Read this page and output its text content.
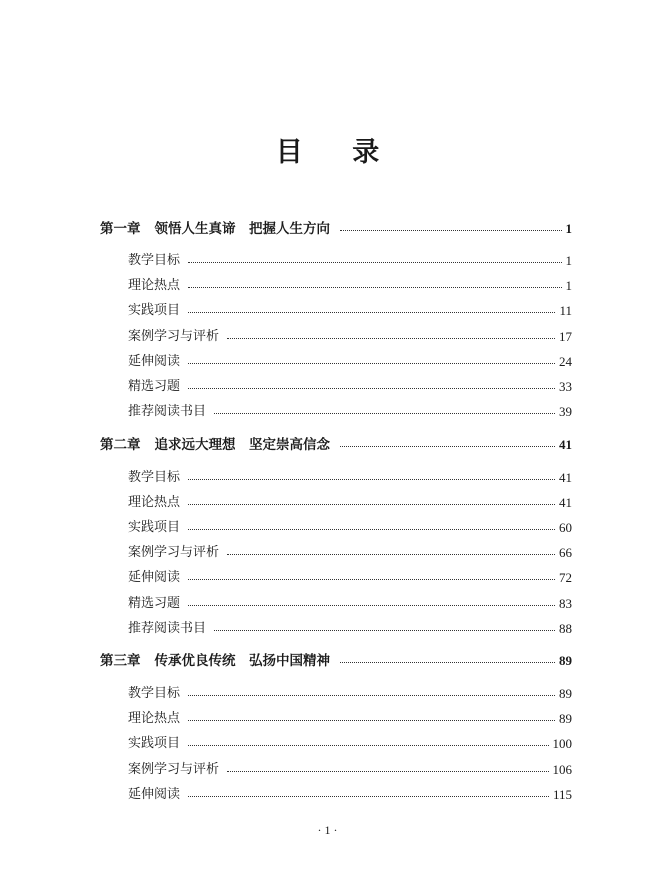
目 录
第一章 领悟人生真谛　把握人生方向	1
教学目标	1
理论热点	1
实践项目	11
案例学习与评析	17
延伸阅读	24
精选习题	33
推荐阅读书目	39
第二章 追求远大理想　坚定崇高信念	41
教学目标	41
理论热点	41
实践项目	60
案例学习与评析	66
延伸阅读	72
精选习题	83
推荐阅读书目	88
第三章 传承优良传统　弘扬中国精神	89
教学目标	89
理论热点	89
实践项目	100
案例学习与评析	106
延伸阅读	115
· 1 ·
